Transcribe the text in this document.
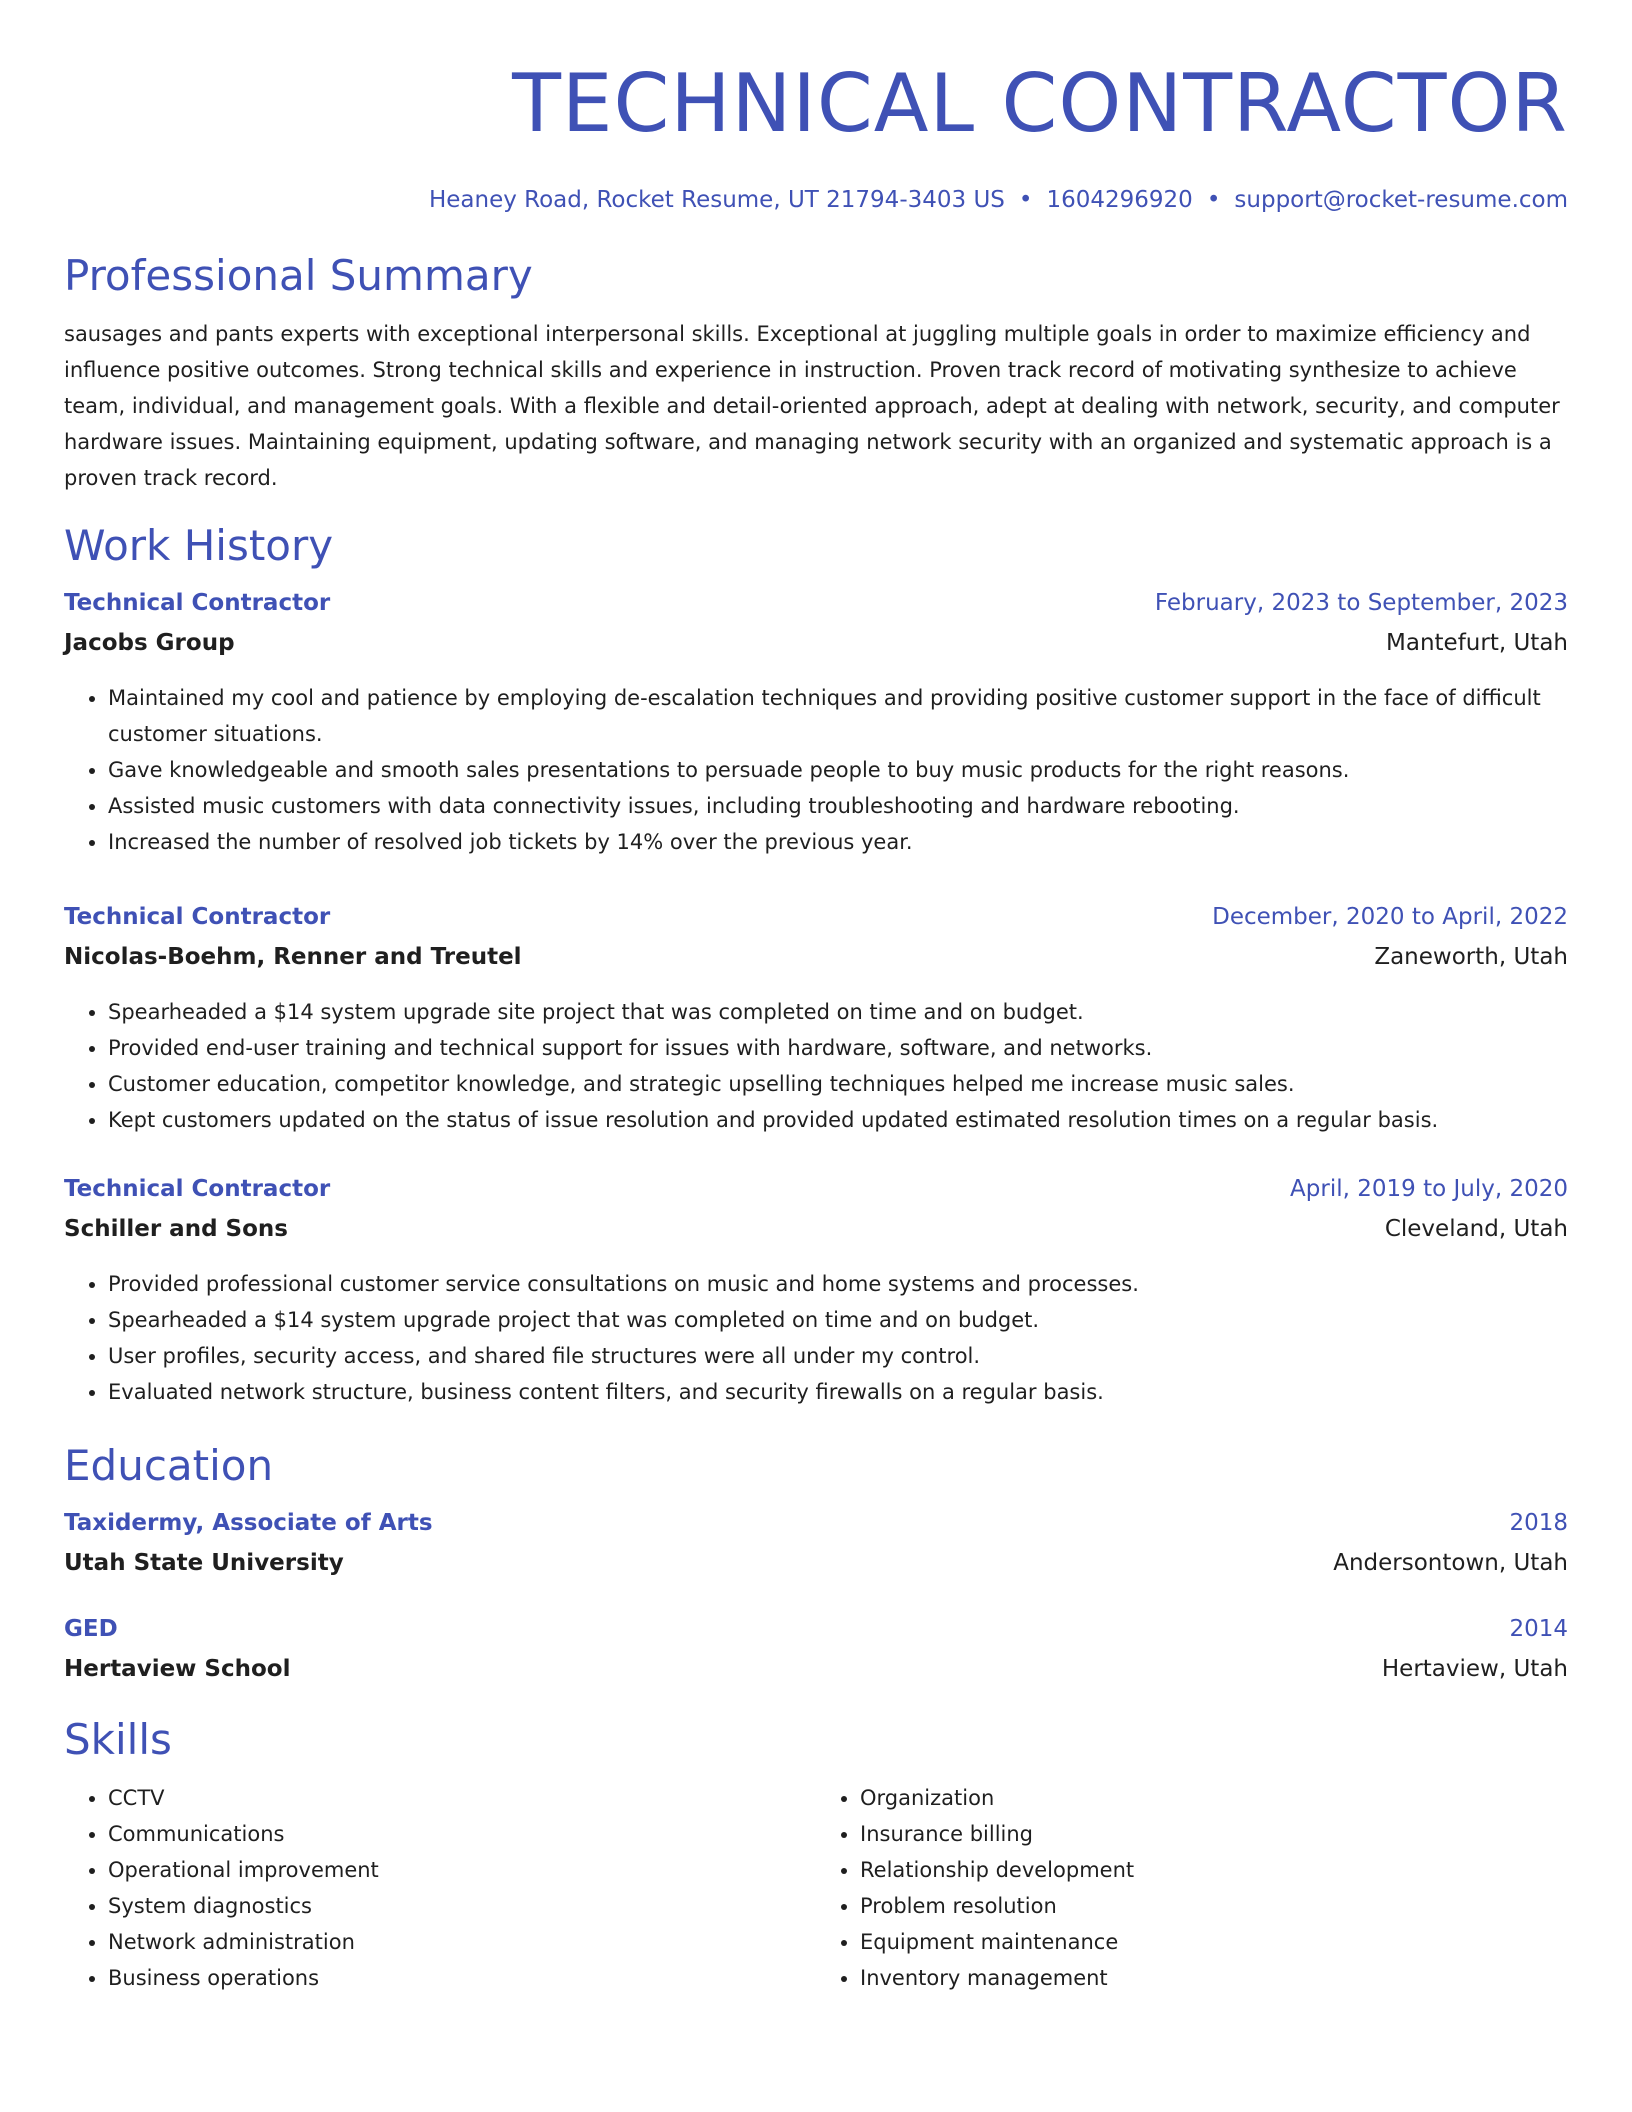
TECHNICAL CONTRACTOR
Heaney Road, Rocket Resume, UT 21794-3403 US • 1604296920 • support@rocket-resume.com
Professional Summary
sausages and pants experts with exceptional interpersonal skills. Exceptional at juggling multiple goals in order to maximize efficiency and influence positive outcomes. Strong technical skills and experience in instruction. Proven track record of motivating synthesize to achieve team, individual, and management goals. With a flexible and detail-oriented approach, adept at dealing with network, security, and computer hardware issues. Maintaining equipment, updating software, and managing network security with an organized and systematic approach is a proven track record.
Work History
Technical Contractor	February, 2023 to September, 2023
Jacobs Group	Mantefurt, Utah
• Maintained my cool and patience by employing de-escalation techniques and providing positive customer support in the face of difficult customer situations.
• Gave knowledgeable and smooth sales presentations to persuade people to buy music products for the right reasons.
• Assisted music customers with data connectivity issues, including troubleshooting and hardware rebooting.
• Increased the number of resolved job tickets by 14% over the previous year.
Technical Contractor	December, 2020 to April, 2022
Nicolas-Boehm, Renner and Treutel	Zaneworth, Utah
• Spearheaded a $14 system upgrade site project that was completed on time and on budget.
• Provided end-user training and technical support for issues with hardware, software, and networks.
• Customer education, competitor knowledge, and strategic upselling techniques helped me increase music sales.
• Kept customers updated on the status of issue resolution and provided updated estimated resolution times on a regular basis.
Technical Contractor	April, 2019 to July, 2020
Schiller and Sons	Cleveland, Utah
• Provided professional customer service consultations on music and home systems and processes.
• Spearheaded a $14 system upgrade project that was completed on time and on budget.
• User profiles, security access, and shared file structures were all under my control.
• Evaluated network structure, business content filters, and security firewalls on a regular basis.
Education
Taxidermy, Associate of Arts	2018
Utah State University	Andersontown, Utah
GED	2014
Hertaview School	Hertaview, Utah
Skills
• CCTV
• Communications
• Operational improvement
• System diagnostics
• Network administration
• Business operations
• Organization
• Insurance billing
• Relationship development
• Problem resolution
• Equipment maintenance
• Inventory management
